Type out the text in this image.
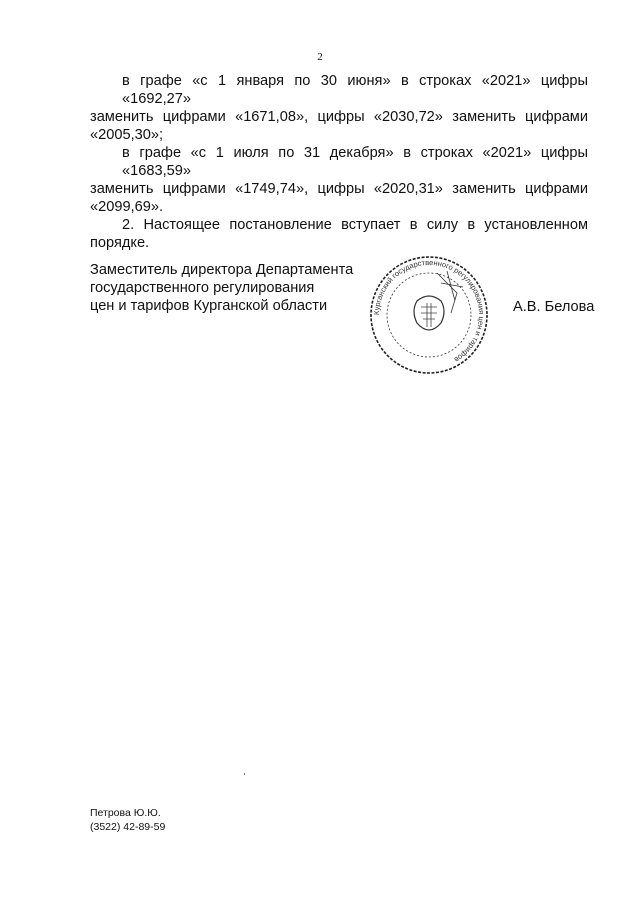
2
в графе «с 1 января по 30 июня» в строках «2021» цифры «1692,27»
заменить цифрами «1671,08», цифры «2030,72» заменить цифрами
«2005,30»;
в графе «с 1 июля по 31 декабря» в строках «2021» цифры «1683,59»
заменить цифрами «1749,74», цифры «2020,31» заменить цифрами
«2099,69».
2. Настоящее постановление вступает в силу в установленном
порядке.
Заместитель директора Департамента
государственного регулирования
цен и тарифов Курганской области	Курганский государственного регулирования цен и тарифов
А.В. Белова
Петрова Ю.Ю.
(3522) 42-89-59
